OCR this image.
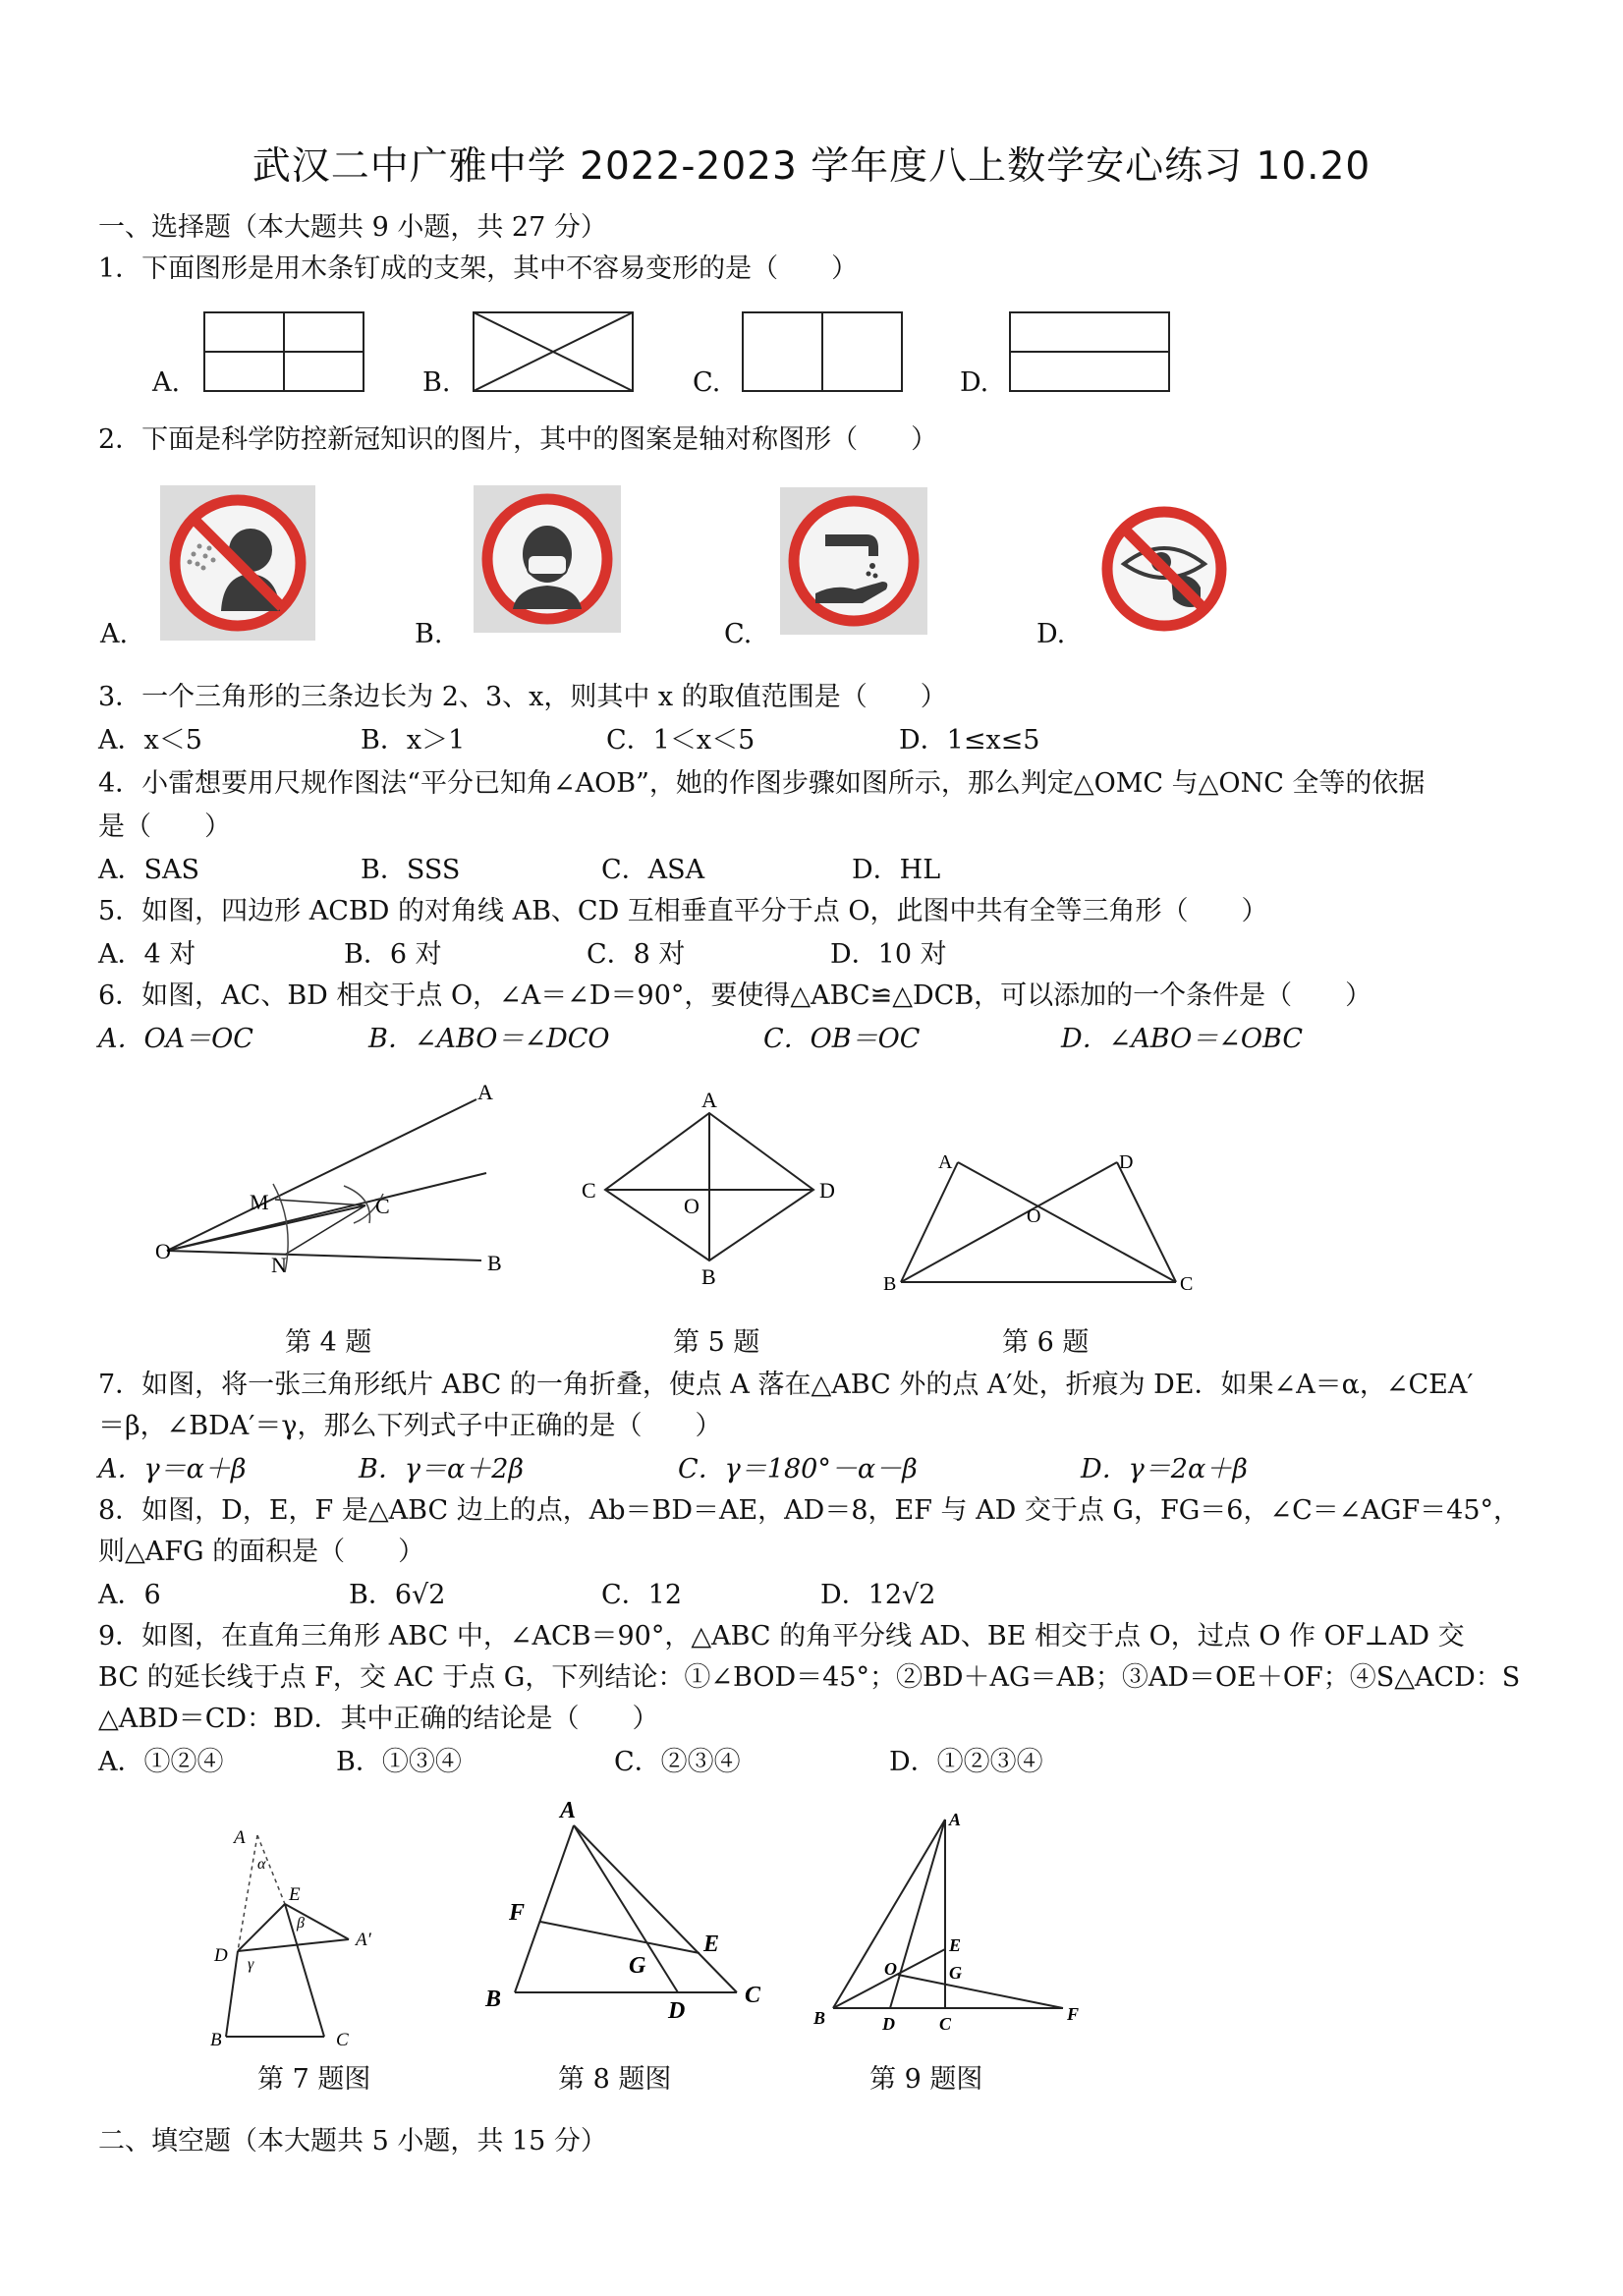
武汉二中广雅中学 2022-2023 学年度八上数学安心练习 10.20
一、选择题（本大题共 9 小题，共 27 分）
1．下面图形是用木条钉成的支架，其中不容易变形的是（　　）
A.	B.	C.	D.
2．下面是科学防控新冠知识的图片，其中的图案是轴对称图形（　　）
A.	B.	C.	D.
3．一个三角形的三条边长为 2、3、x，则其中 x 的取值范围是（　　）
A．x＜5	B．x＞1	C．1＜x＜5	D．1≤x≤5
4．小雷想要用尺规作图法“平分已知角∠AOB”，她的作图步骤如图所示，那么判定△OMC 与△ONC 全等的依据
是（　　）
A．SAS	B．SSS	C．ASA	D．HL
5．如图，四边形 ACBD 的对角线 AB、CD 互相垂直平分于点 O，此图中共有全等三角形（　　）
A．4 对	B．6 对	C．8 对	D．10 对
6．如图，AC、BD 相交于点 O，∠A＝∠D＝90°，要使得△ABC≌△DCB，可以添加的一个条件是（　　）
A．OA＝OC	B．∠ABO＝∠DCO	C．OB＝OC	D．∠ABO＝∠OBC
A
M	C
O
N	B
A
C
O
D
B
A	D
O
B	C
第 4 题	第 5 题	第 6 题
7．如图，将一张三角形纸片 ABC 的一角折叠，使点 A 落在△ABC 外的点 A′处，折痕为 DE．如果∠A＝α，∠CEA′
＝β，∠BDA′＝γ，那么下列式子中正确的是（　　）
A．γ＝α＋β	B．γ＝α＋2β	C．γ＝180°－α－β	D．γ＝2α＋β
8．如图，D，E，F 是△ABC 边上的点，Ab＝BD＝AE，AD＝8，EF 与 AD 交于点 G，FG＝6，∠C＝∠AGF＝45°，
则△AFG 的面积是（　　）
A．6	B．6√2	C．12	D．12√2
9．如图，在直角三角形 ABC 中，∠ACB＝90°，△ABC 的角平分线 AD、BE 相交于点 O，过点 O 作 OF⊥AD 交
BC 的延长线于点 F，交 AC 于点 G，下列结论：①∠BOD＝45°；②BD＋AG＝AB；③AD＝OE＋OF；④S△ACD：S
△ABD＝CD：BD．其中正确的结论是（　　）
A．①②④	B．①③④	C．②③④	D．①②③④
A
α
E
β
A′
D γ
B	C
A
F
E
G
B	D
C
A
E
O	G
B	D	C	F
第 7 题图	第 8 题图	第 9 题图
二、填空题（本大题共 5 小题，共 15 分）
